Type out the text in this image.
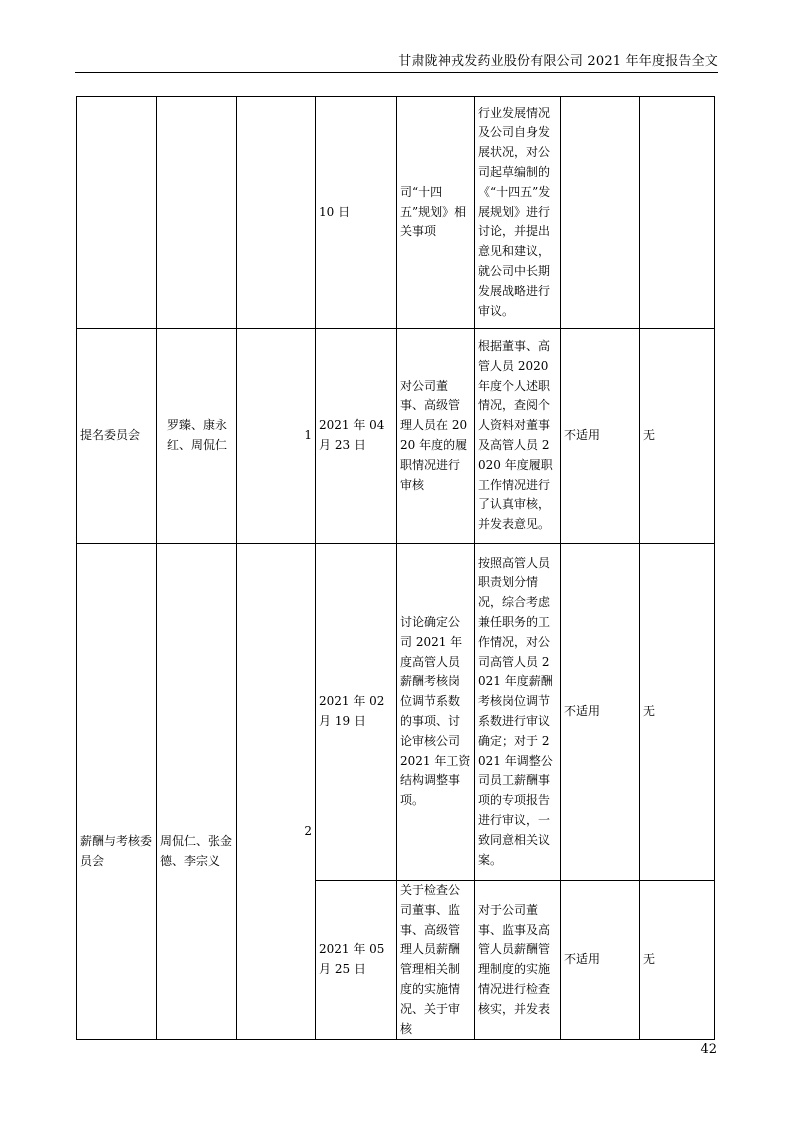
甘肃陇神戎发药业股份有限公司 2021 年年度报告全文
			10 日	司“十四五”规划》相关事项	行业发展情况及公司自身发展状况，对公司起草编制的《“十四五”发展规划》进行讨论，并提出意见和建议，就公司中长期发展战略进行审议。		
提名委员会	罗臻、康永红、周侃仁	1	2021 年 04 月 23 日	对公司董事、高级管理人员在 2020 年度的履职情况进行审核	根据董事、高管人员 2020 年度个人述职情况，查阅个人资料对董事及高管人员 2020 年度履职工作情况进行了认真审核，并发表意见。	不适用	无
薪酬与考核委员会	周侃仁、张金德、李宗义	2	2021 年 02 月 19 日	讨论确定公司 2021 年度高管人员薪酬考核岗位调节系数的事项、讨论审核公司 2021 年工资结构调整事项。	按照高管人员职责划分情况，综合考虑兼任职务的工作情况，对公司高管人员 2021 年度薪酬考核岗位调节系数进行审议确定；对于 2021 年调整公司员工薪酬事项的专项报告进行审议，一致同意相关议案。	不适用	无
			2021 年 05 月 25 日	关于检查公司董事、监事、高级管理人员薪酬管理相关制度的实施情况、关于审核	对于公司董事、监事及高管人员薪酬管理制度的实施情况进行检查核实，并发表	不适用	无
42
